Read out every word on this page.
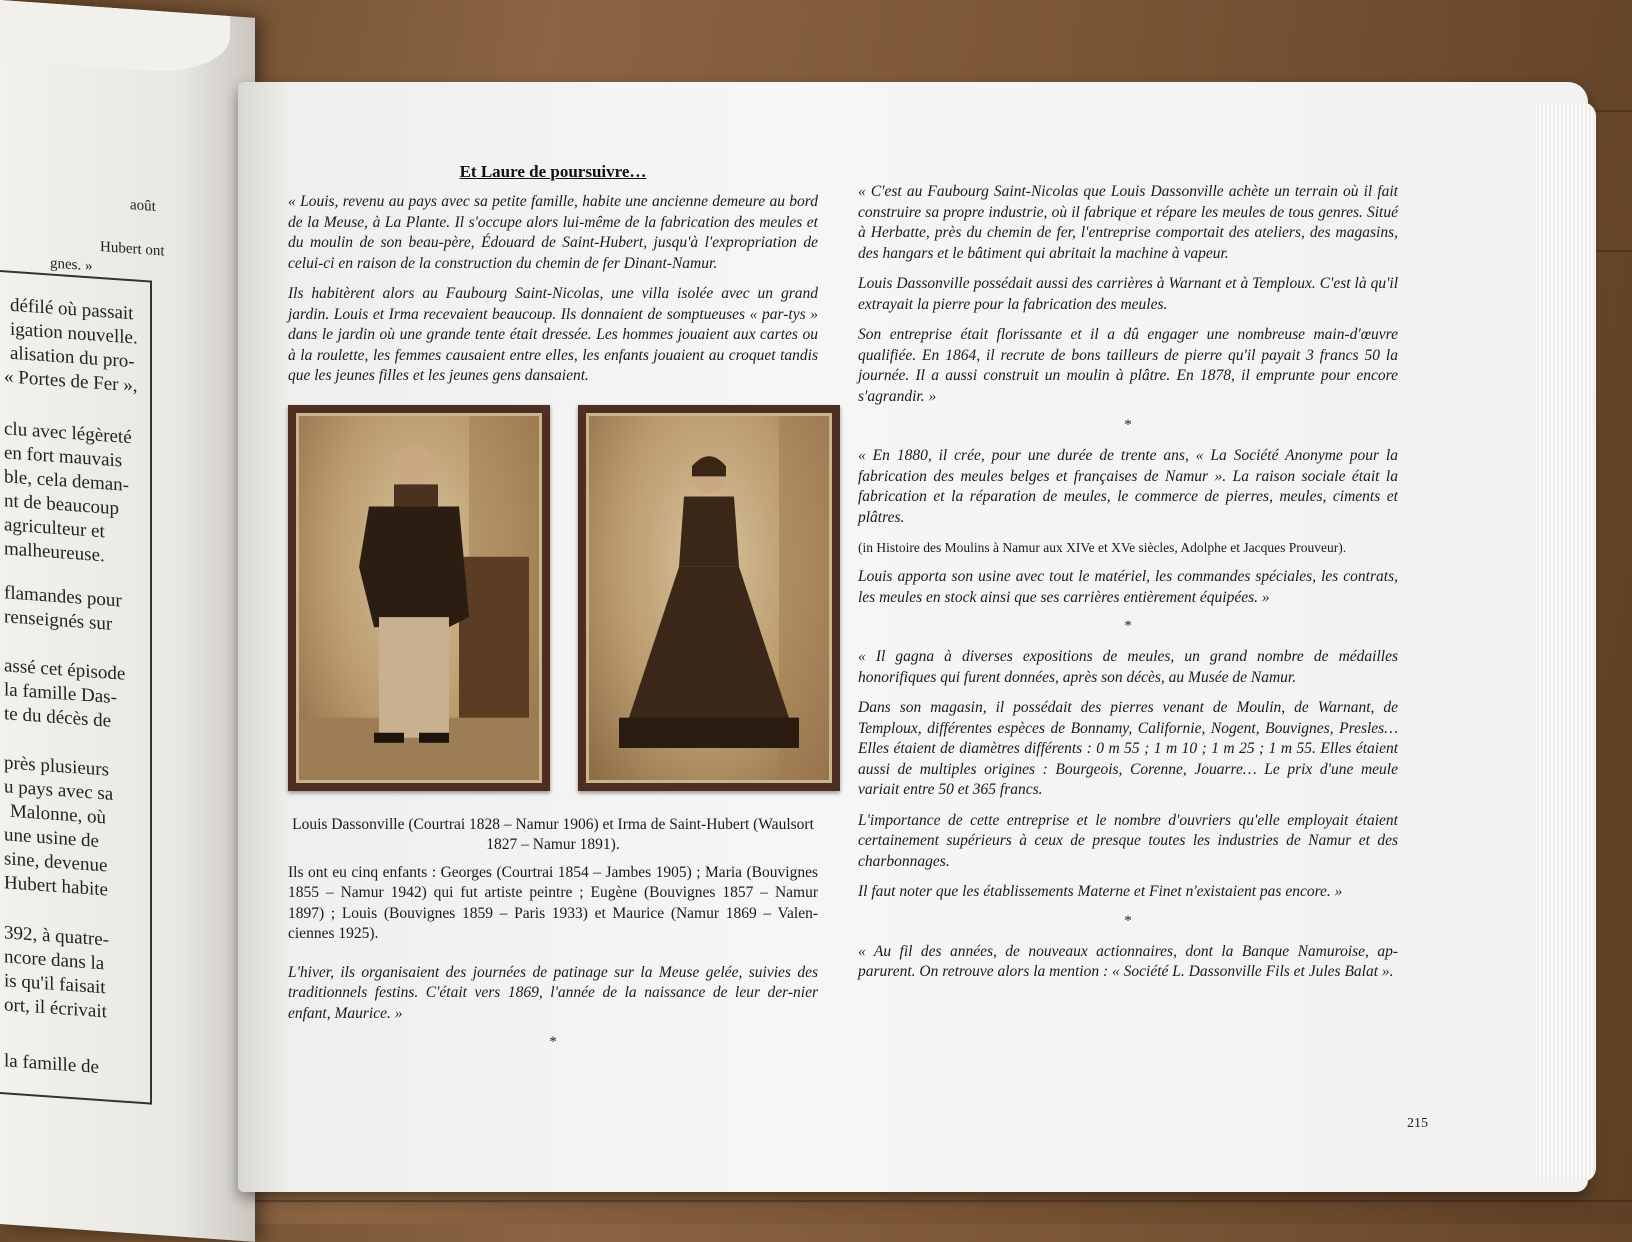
août
Hubert ont
gnes. »
défilé où passait
igation nouvelle.
alisation du pro-
« Portes de Fer »,
clu avec légèreté
en fort mauvais
ble, cela deman-
nt de beaucoup
agriculteur et
malheureuse.
flamandes pour
renseignés sur
assé cet épisode
la famille Das-
te du décès de
près plusieurs
u pays avec sa
Malonne, où
une usine de
sine, devenue
Hubert habite
392, à quatre-
ncore dans la
is qu'il faisait
ort, il écrivait
la famille de
Et Laure de poursuivre…

« Louis, revenu au pays avec sa petite famille, habite une ancienne demeure au bord de la Meuse, à La Plante. Il s'occupe alors lui-même de la fabrication des meules et du moulin de son beau-père, Édouard de Saint-Hubert, jusqu'à l'expropriation de celui-ci en raison de la construction du chemin de fer Dinant-Namur.

Ils habitèrent alors au Faubourg Saint-Nicolas, une villa isolée avec un grand jardin. Louis et Irma recevaient beaucoup. Ils donnaient de somptueuses « par-tys » dans le jardin où une grande tente était dressée. Les hommes jouaient aux cartes ou à la roulette, les femmes causaient entre elles, les enfants jouaient au croquet tandis que les jeunes filles et les jeunes gens dansaient.

Louis Dassonville (Courtrai 1828 – Namur 1906) et Irma de Saint-Hubert (Waulsort 1827 – Namur 1891).

Ils ont eu cinq enfants : Georges (Courtrai 1854 – Jambes 1905) ; Maria (Bouvignes 1855 – Namur 1942) qui fut artiste peintre ; Eugène (Bouvignes 1857 – Namur 1897) ; Louis (Bouvignes 1859 – Paris 1933) et Maurice (Namur 1869 – Valen-ciennes 1925).

L'hiver, ils organisaient des journées de patinage sur la Meuse gelée, suivies des traditionnels festins. C'était vers 1869, l'année de la naissance de leur der-nier enfant, Maurice. »

*

« C'est au Faubourg Saint-Nicolas que Louis Dassonville achète un terrain où il fait construire sa propre industrie, où il fabrique et répare les meules de tous genres. Situé à Herbatte, près du chemin de fer, l'entreprise comportait des ateliers, des magasins, des hangars et le bâtiment qui abritait la machine à vapeur.

Louis Dassonville possédait aussi des carrières à Warnant et à Temploux. C'est là qu'il extrayait la pierre pour la fabrication des meules.

Son entreprise était florissante et il a dû engager une nombreuse main-d'œuvre qualifiée. En 1864, il recrute de bons tailleurs de pierre qu'il payait 3 francs 50 la journée. Il a aussi construit un moulin à plâtre. En 1878, il emprunte pour encore s'agrandir. »

*

« En 1880, il crée, pour une durée de trente ans, « La Société Anonyme pour la fabrication des meules belges et françaises de Namur ». La raison sociale était la fabrication et la réparation de meules, le commerce de pierres, meules, ciments et plâtres.

(in Histoire des Moulins à Namur aux XIVe et XVe siècles, Adolphe et Jacques Prouveur).

Louis apporta son usine avec tout le matériel, les commandes spéciales, les contrats, les meules en stock ainsi que ses carrières entièrement équipées. »

*

« Il gagna à diverses expositions de meules, un grand nombre de médailles honorifiques qui furent données, après son décès, au Musée de Namur.

Dans son magasin, il possédait des pierres venant de Moulin, de Warnant, de Temploux, différentes espèces de Bonnamy, Californie, Nogent, Bouvignes, Presles… Elles étaient de diamètres différents : 0 m 55 ; 1 m 10 ; 1 m 25 ; 1 m 55. Elles étaient aussi de multiples origines : Bourgeois, Corenne, Jouarre… Le prix d'une meule variait entre 50 et 365 francs.

L'importance de cette entreprise et le nombre d'ouvriers qu'elle employait étaient certainement supérieurs à ceux de presque toutes les industries de Namur et des charbonnages.

Il faut noter que les établissements Materne et Finet n'existaient pas encore. »

*

« Au fil des années, de nouveaux actionnaires, dont la Banque Namuroise, ap-parurent. On retrouve alors la mention : « Société L. Dassonville Fils et Jules Balat ».

215
